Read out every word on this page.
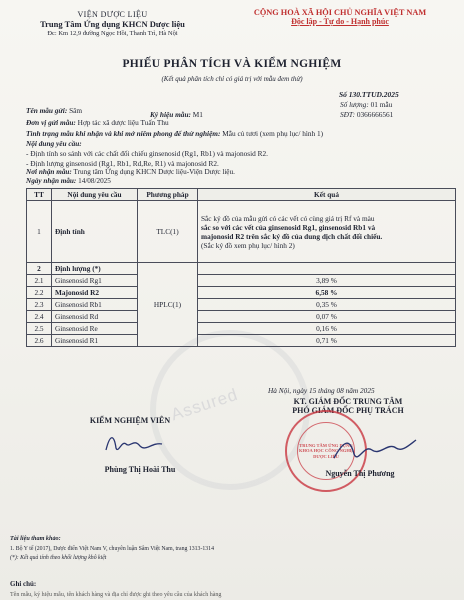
Assured
VIỆN DƯỢC LIỆU
Trung Tâm Ứng dụng KHCN Dược liệu
Đc: Km 12,9 đường Ngọc Hồi, Thanh Trì, Hà Nội
CỘNG HOÀ XÃ HỘI CHỦ NGHĨA VIỆT NAM
Độc lập - Tự do - Hạnh phúc
PHIẾU PHÂN TÍCH VÀ KIỂM NGHIỆM
(Kết quả phân tích chỉ có giá trị với mẫu đem thử)
Số 130.TTUD.2025
Số lượng: 01 mẫu
SĐT: 0366666561
Tên mẫu gửi: Sâm	Ký hiệu mẫu: M1
Đơn vị gửi mẫu: Hợp tác xã dược liệu Tuấn Thu
Tình trạng mẫu khi nhận và khi mở niêm phong để thử nghiệm: Mẫu củ tươi (xem phụ lục/ hình 1)
Nội dung yêu cầu:
- Định tính so sánh với các chất đối chiếu ginsenosid (Rg1, Rb1) và majonosid R2.
- Định lượng ginsenosid (Rg1, Rb1, Rd,Re, R1) và majonosid R2.
Nơi nhận mẫu: Trung tâm Ứng dụng KHCN Dược liệu-Viện Dược liệu.
Ngày nhận mẫu: 14/08/2025
TT	Nội dung yêu cầu	Phương pháp	Kết quả
1	Định tính	TLC(1)	Sắc ký đồ của mẫu gửi có các vết có cùng giá trị Rf và màu
sắc so với các vết của ginsenosid Rg1, ginsenosid Rb1 và
majonosid R2 trên sắc ký đồ của dung dịch chất đối chiếu.
(Sắc ký đồ xem phụ lục/ hình 2)

2	Định lượng (*)	HPLC(1)	
2.1	Ginsenosid Rg1		3,89 %
2.2	Majonosid R2		6,58 %
2.3	Ginsenosid Rb1		0,35 %
2.4	Ginsenosid Rd		0,07 %
2.5	Ginsenosid Re		0,16 %
2.6	Ginsenosid R1		0,71 %
Hà Nội, ngày 15 tháng 08 năm 2025
KT. GIÁM ĐỐC TRUNG TÂM
PHÓ GIÁM ĐỐC PHỤ TRÁCH
KIỂM NGHIỆM VIÊN
TRUNG TÂM ỨNG DỤNG KHOA HỌC CÔNG NGHỆ DƯỢC LIỆU
Phùng Thị Hoài Thu	Nguyễn Thị Phương
Tài liệu tham khảo:
1. Bộ Y tế (2017), Dược điển Việt Nam V, chuyên luận Sâm Việt Nam, trang 1313-1314
(*): Kết quả tính theo khối lượng khô kiệt
Ghi chú:
Tên mẫu, ký hiệu mẫu, tên khách hàng và địa chỉ được ghi theo yêu cầu của khách hàng
